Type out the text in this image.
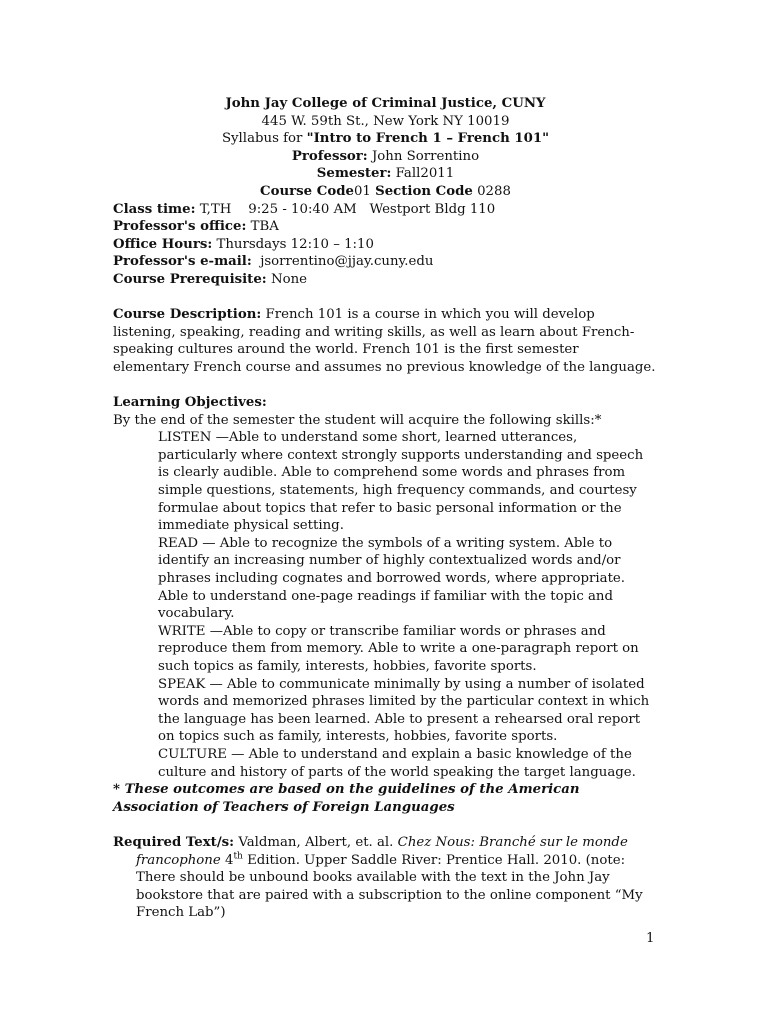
John Jay College of Criminal Justice, CUNY
445 W. 59th St., New York NY 10019
Syllabus for "Intro to French 1 – French 101"
Professor: John Sorrentino
Semester: Fall2011
Course Code01 Section Code 0288
Class time: T,TH    9:25 - 10:40 AM   Westport Bldg 110
Professor's office: TBA
Office Hours: Thursdays 12:10 – 1:10
Professor's e-mail: jsorrentino@jjay.cuny.edu
Course Prerequisite: None

Course Description: French 101 is a course in which you will develop listening, speaking, reading and writing skills, as well as learn about French-speaking cultures around the world. French 101 is the first semester elementary French course and assumes no previous knowledge of the language.

Learning Objectives:
By the end of the semester the student will acquire the following skills:*
LISTEN —Able to understand some short, learned utterances, particularly where context strongly supports understanding and speech is clearly audible. Able to comprehend some words and phrases from simple questions, statements, high frequency commands, and courtesy formulae about topics that refer to basic personal information or the immediate physical setting.
READ — Able to recognize the symbols of a writing system. Able to identify an increasing number of highly contextualized words and/or phrases including cognates and borrowed words, where appropriate. Able to understand one-page readings if familiar with the topic and vocabulary.
WRITE —Able to copy or transcribe familiar words or phrases and reproduce them from memory. Able to write a one-paragraph report on such topics as family, interests, hobbies, favorite sports.
SPEAK — Able to communicate minimally by using a number of isolated words and memorized phrases limited by the particular context in which the language has been learned. Able to present a rehearsed oral report on topics such as family, interests, hobbies, favorite sports.
CULTURE — Able to understand and explain a basic knowledge of the culture and history of parts of the world speaking the target language.
* These outcomes are based on the guidelines of the American Association of Teachers of Foreign Languages

Required Text/s: Valdman, Albert, et. al. Chez Nous: Branché sur le monde francophone 4th Edition. Upper Saddle River: Prentice Hall. 2010. (note: There should be unbound books available with the text in the John Jay bookstore that are paired with a subscription to the online component “My French Lab”)

1
